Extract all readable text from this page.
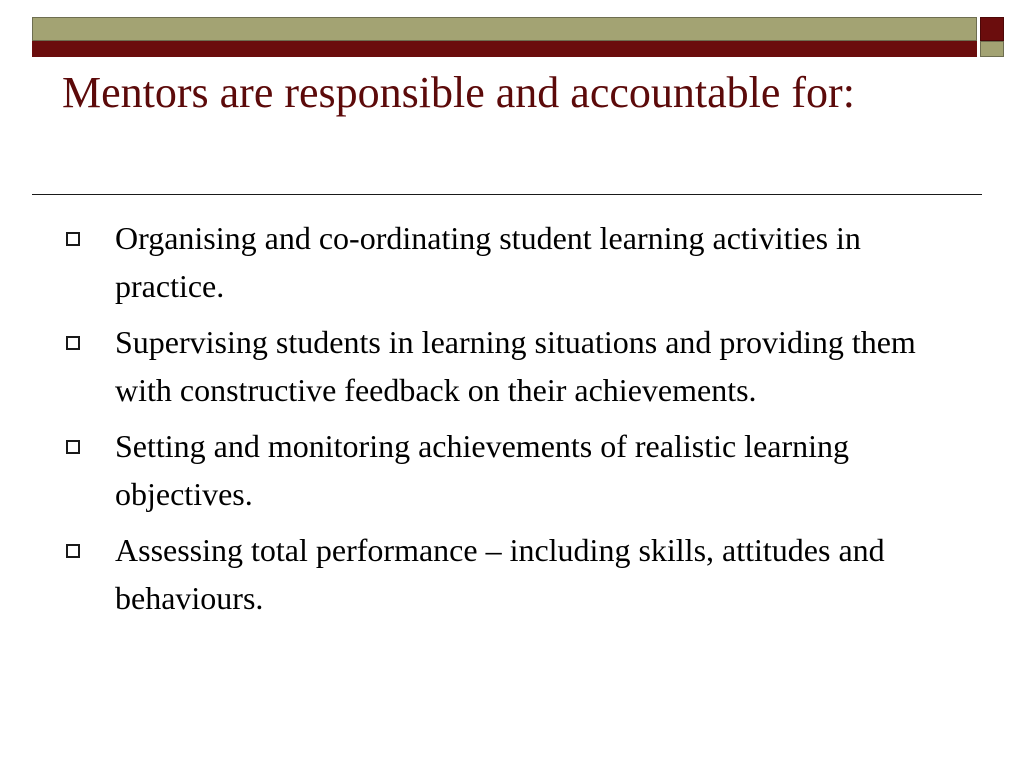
Mentors are responsible and accountable for:
Organising and co-ordinating student learning activities in practice.
Supervising students in learning situations and providing them with constructive feedback on their achievements.
Setting and monitoring achievements of realistic learning objectives.
Assessing total performance – including skills, attitudes and behaviours.
